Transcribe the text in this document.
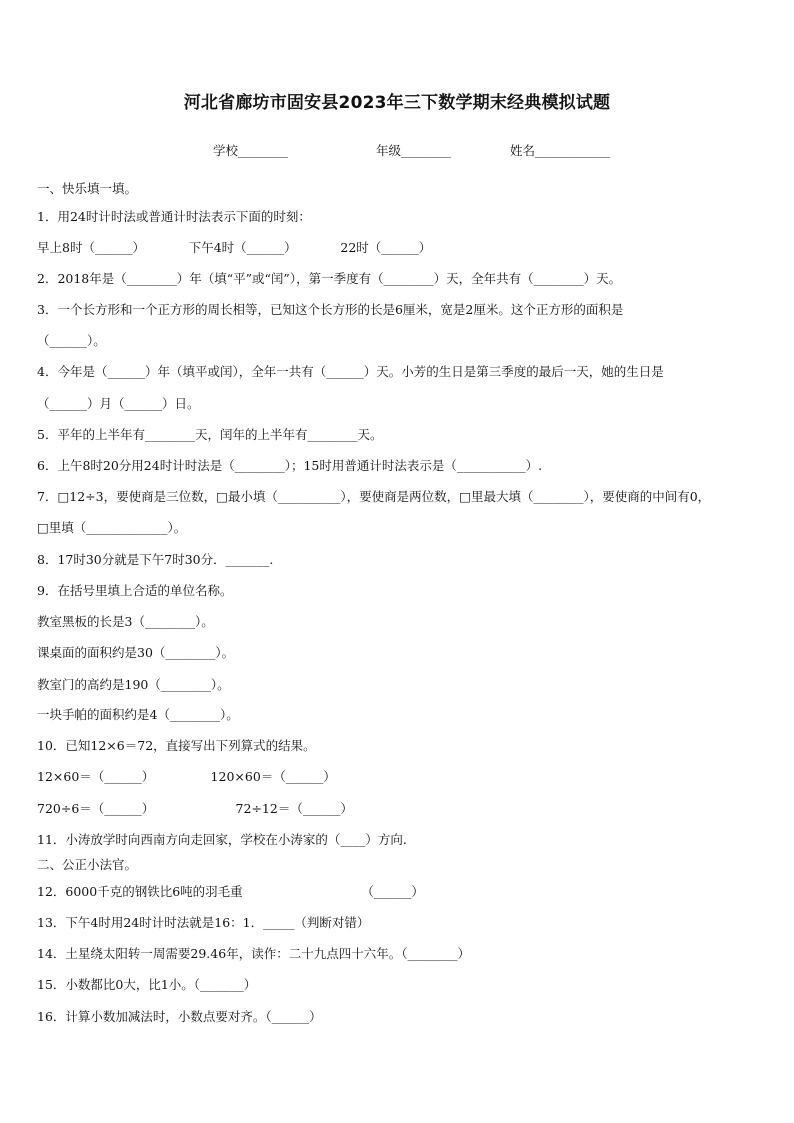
河北省廊坊市固安县2023年三下数学期末经典模拟试题
学校________	年级________	姓名____________
一、快乐填一填。
1．用24时计时法或普通计时法表示下面的时刻：
早上8时（______）　　　　下午4时（______）　　　　22时（______）
2．2018年是（________）年（填“平”或“闰”），第一季度有（________）天，全年共有（________）天。
3．一个长方形和一个正方形的周长相等，已知这个长方形的长是6厘米，宽是2厘米。这个正方形的面积是
（______）。
4．今年是（______）年（填平或闰），全年一共有（______）天。小芳的生日是第三季度的最后一天，她的生日是
（______）月（______）日。
5．平年的上半年有________天，闰年的上半年有________天。
6．上午8时20分用24时计时法是（________）；15时用普通计时法表示是（___________）.
7．□12÷3，要使商是三位数，□最小填（__________），要使商是两位数，□里最大填（________），要使商的中间有0，
□里填（_____________）。
8．17时30分就是下午7时30分．_______.
9．在括号里填上合适的单位名称。
教室黑板的长是3（________）。
课桌面的面积约是30（________）。
教室门的高约是190（________）。
一块手帕的面积约是4（________）。
10．已知12×6＝72，直接写出下列算式的结果。
12×60＝（______）　　　　　120×60＝（______）
720÷6＝（______）　　　　　　　72÷12＝（______）
11．小涛放学时向西南方向走回家，学校在小涛家的（____）方向.
二、公正小法官。
12．6000千克的钢铁比6吨的羽毛重　　　　　　　　　　（______）
13．下午4时用24时计时法就是16：1．_____（判断对错）
14．土星绕太阳转一周需要29.46年，读作：二十九点四十六年。（________）
15．小数都比0大，比1小。（_______）
16．计算小数加减法时，小数点要对齐。（______）
